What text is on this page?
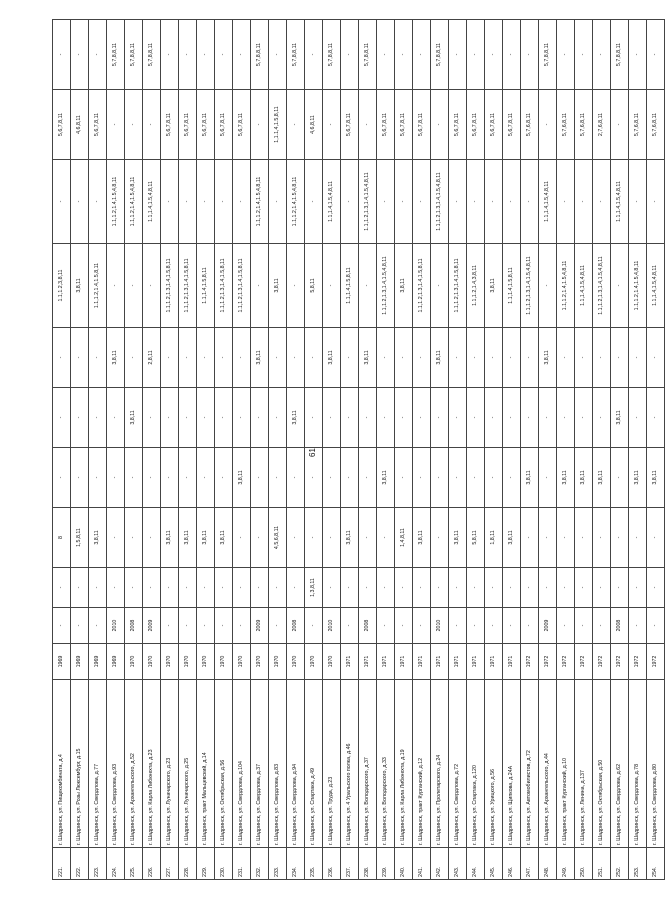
61
221.	г. Шадринск, ул. Пищекомбината, д.4	1969	-	-	8	-	-	-	1.1,1.2,3,8,11	-	5,6,7,8,11	-
222.	г. Шадринск, ул. Розы Люксембург, д.15	1969	-	-	1,5,8,11	-	-	-	3,8,11	-	4,6,8,11	-
223.	г. Шадринск, ул. Свердлова, д.77	1969	-	-	3,8,11	-	-	-	1.1,1.2,1.4,1.5,8,11	-	5,6,7,8,11	-
224.	г. Шадринск, ул. Свердлова, д.93	1969	2010	-	-	-	-	3,8,11	-	1.1,1.2,1.4,1.5,4,8,11	-	5,7,8,8,11
225.	г. Шадринск, ул. Архангельского, д.52	1970	2008	-	-	-	3,8,11	-	-	1.1,1.2,1.4,1.5,4,8,11	-	5,7,8,8,11
226.	г. Шадринск, ул. Карла Либкнехта, д.23	1970	2009	-	-	-	-	2,8,11	-	1.1,1.4,1.5,4,8,11	-	5,7,8,8,11
227.	г. Шадринск, ул. Луначарского, д.23	1970	-	-	3,8,11	-	-	-	1.1,1.2,1.3,1.4,1.5,8,11	-	5,6,7,8,11	-
228.	г. Шадринск, ул. Луначарского, д.25	1970	-	-	3,8,11	-	-	-	1.1,1.2,1.3,1.4,1.5,8,11	-	5,6,7,8,11	-
229.	г. Шадринск, тракт Мальцевский, д.14	1970	-	-	3,8,11	-	-	-	1.1,1.4,1.5,8,11	-	5,6,7,8,11	-
230.	г. Шадринск, ул. Октябрьская, д.56	1970	-	-	3,8,11	-	-	-	1.1,1.2,1.3,1.4,1.5,8,11	-	5,6,7,8,11	-
231.	г. Шадринск, ул. Свердлова, д.104	1970	-	-	-	3,8,11	-	-	1.1,1.2,1.3,1.4,1.5,8,11	-	5,6,7,8,11	-
232.	г. Шадринск, ул. Свердлова, д.37	1970	2009	-	-	-	-	3,8,11	-	1.1,1.2,1.4,1.5,4,8,11	-	5,7,8,8,11
233.	г. Шадринск, ул. Свердлова, д.83	1970	-	-	4,5,6,8,11	-	-	-	3,8,11	-	1,1.1,4,1.5,8,11	-
234.	г. Шадринск, ул. Свердлова, д.94	1970	2008	-	-	-	3,8,11	-	-	1.1,1.2,1.4,1.5,4,8,11	-	5,7,8,8,11
235.	г. Шадринск, ул. Спартака, д.49	1970	-	1,3,8,11	-	-	-	-	5,8,11	-	4,6,8,11	-
236.	г. Шадринск, ул. Труда, д.23	1970	2010	-	-	-	-	3,8,11	-	1.1,1.4,1.5,4,8,11	-	5,7,8,8,11
237.	г. Шадринск, ул. 4 Уральского полка, д.46	1971	-	-	3,8,11	-	-	-	1.1,1.4,1.5,8,11	-	5,6,7,8,11	-
238.	г. Шадринск, ул. Володарского, д.37	1971	2008	-	-	-	-	3,8,11	-	1.1,1.2,1.3,1.4,1.5,4,8,11	-	5,7,8,8,11
239.	г. Шадринск, ул. Володарского, д.33	1971	-	-	-	3,8,11	-	-	1.1,1.2,1.3,1.4,1.5,4,8,11	-	5,6,7,8,11	-
240.	г. Шадринск, ул. Карла Либкнехта, д.19	1971	-	-	1,4,8,11	-	-	-	3,8,11	-	5,6,7,8,11	-
241.	г. Шадринск, тракт Курганский, д.12	1971	-	-	3,8,11	-	-	-	1.1,1.2,1.3,1.4,1.5,8,11	-	5,6,7,8,11	-
242.	г. Шадринск, ул. Пролетарского, д.24	1971	2010	-	-	-	-	3,8,11	-	1.1,1.2,1.3,1.4,1.5,4,8,11	-	5,7,8,8,11
243.	г. Шадринск, ул. Свердлова, д.72	1971	-	-	3,8,11	-	-	-	1.1,1.2,1.3,1.4,1.5,8,11	-	5,6,7,8,11	-
244.	г. Шадринск, ул. Спартака, д.120	1971	-	-	5,8,11	-	-	-	1.1,1.2,1.4,3,8,11	-	5,6,7,8,11	-
245.	г. Шадринск, ул. Урицкого, д.56	1971	-	-	1,8,11	-	-	-	3,8,11	-	5,6,7,8,11	-
246.	г. Шадринск, ул. Щипкова, д.24А	1971	-	-	3,8,11	-	-	-	1.1,1.4,1.5,8,11	-	5,6,7,8,11	-
247.	г. Шадринск, ул. Автомобилистов, д.72	1972	-	-	-	3,8,11	-	-	1.1,1.2,1.3,1.4,1.5,4,8,11	-	5,7,6,8,11	-
248.	г. Шадринск, ул. Архангельского, д.44	1972	2009	-	-	-	-	3,8,11	-	1.1,1.4,1.5,4,8,11	-	5,7,8,8,11
249.	г. Шадринск, тракт Курганский, д.10	1972	-	-	-	3,8,11	-	-	1.1,1.2,1.4,1.5,4,8,11	-	5,7,6,8,11	-
250.	г. Шадринск, ул. Ленина, д.137	1972	-	-	-	3,8,11	-	-	1.1,1.4,1.5,4,8,11	-	5,7,6,8,11	-
251.	г. Шадринск, ул. Октябрьская, д.50	1972	-	-	-	3,8,11	-	-	1.1,1.2,1.3,1.4,1.5,4,8,11	-	2,7,6,8,11	-
252.	г. Шадринск, ул. Свердлова, д.62	1972	2008	-	-	-	3,8,11	-	-	1.1,1.4,1.5,4,8,11	-	5,7,8,8,11
253.	г. Шадринск, ул. Свердлова, д.78	1972	-	-	-	3,8,11	-	-	1.1,1.2,1.4,1.5,4,8,11	-	5,7,6,8,11	-
254.	г. Шадринск, ул. Свердлова, д.80	1972	-	-	-	3,8,11	-	-	1.1,1.4,1.5,4,8,11	-	5,7,6,8,11	-
